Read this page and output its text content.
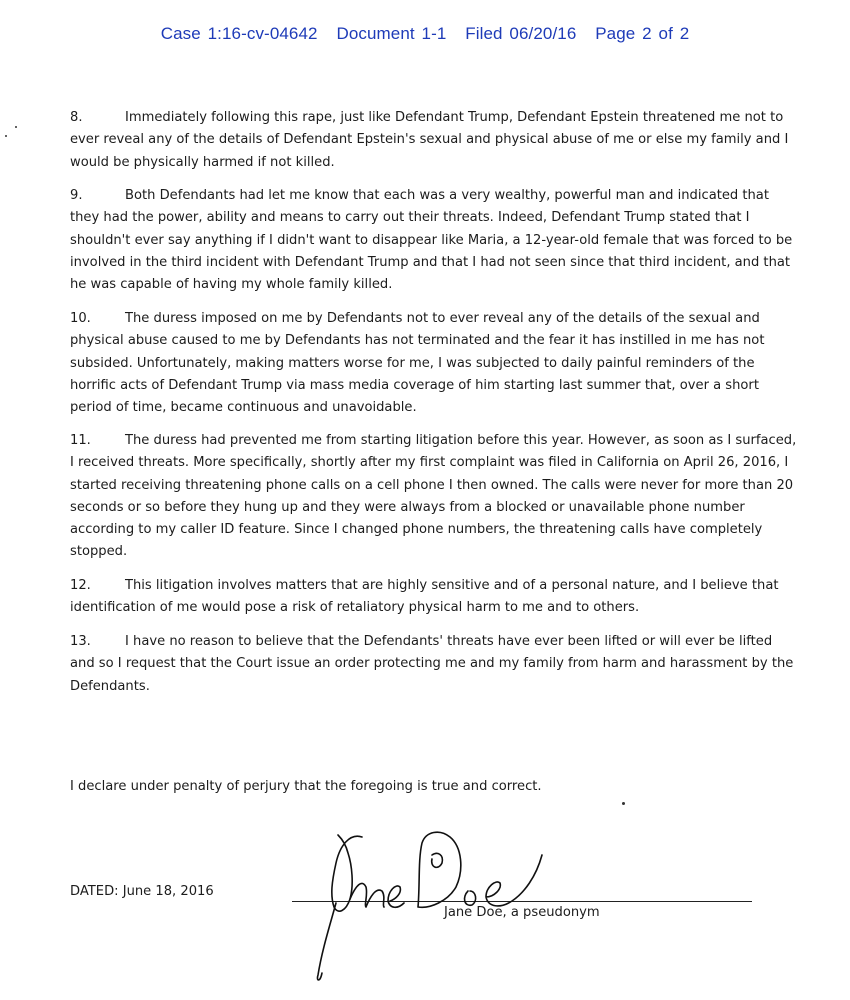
Case 1:16-cv-04642 Document 1-1 Filed 06/20/16 Page 2 of 2
8.	Immediately following this rape, just like Defendant Trump, Defendant Epstein threatened me not to ever reveal any of the details of Defendant Epstein's sexual and physical abuse of me or else my family and I would be physically harmed if not killed.
9.	Both Defendants had let me know that each was a very wealthy, powerful man and indicated that they had the power, ability and means to carry out their threats. Indeed, Defendant Trump stated that I shouldn't ever say anything if I didn't want to disappear like Maria, a 12-year-old female that was forced to be involved in the third incident with Defendant Trump and that I had not seen since that third incident, and that he was capable of having my whole family killed.
10.	The duress imposed on me by Defendants not to ever reveal any of the details of the sexual and physical abuse caused to me by Defendants has not terminated and the fear it has instilled in me has not subsided. Unfortunately, making matters worse for me, I was subjected to daily painful reminders of the horrific acts of Defendant Trump via mass media coverage of him starting last summer that, over a short period of time, became continuous and unavoidable.
11.	The duress had prevented me from starting litigation before this year. However, as soon as I surfaced, I received threats. More specifically, shortly after my first complaint was filed in California on April 26, 2016, I started receiving threatening phone calls on a cell phone I then owned. The calls were never for more than 20 seconds or so before they hung up and they were always from a blocked or unavailable phone number according to my caller ID feature. Since I changed phone numbers, the threatening calls have completely stopped.
12.	This litigation involves matters that are highly sensitive and of a personal nature, and I believe that identification of me would pose a risk of retaliatory physical harm to me and to others.
13.	I have no reason to believe that the Defendants' threats have ever been lifted or will ever be lifted and so I request that the Court issue an order protecting me and my family from harm and harassment by the Defendants.
I declare under penalty of perjury that the foregoing is true and correct.
DATED: June 18, 2016
Jane Doe, a pseudonym
